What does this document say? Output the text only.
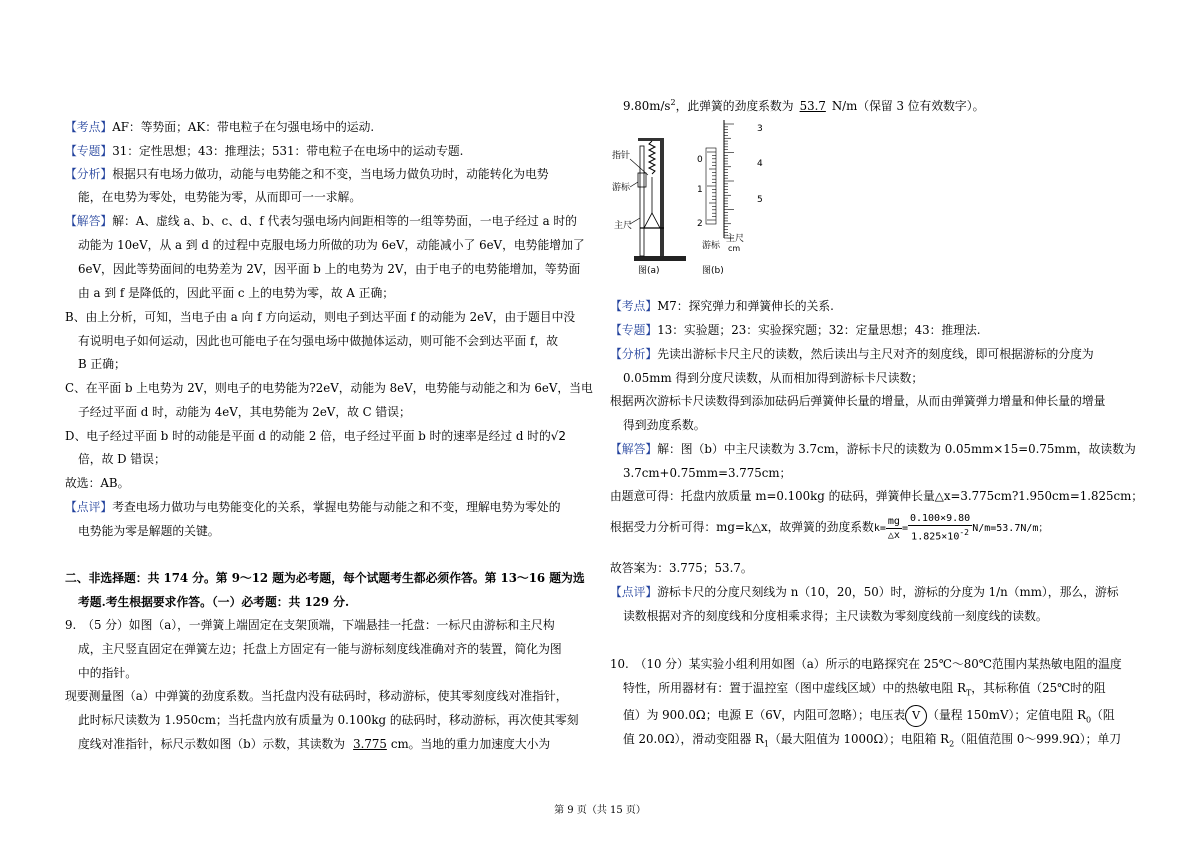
【考点】AF：等势面；AK：带电粒子在匀强电场中的运动.
【专题】31：定性思想；43：推理法；531：带电粒子在电场中的运动专题.
【分析】根据只有电场力做功，动能与电势能之和不变，当电场力做负功时，动能转化为电势
能，在电势为零处，电势能为零，从而即可一一求解。
【解答】解：A、虚线 a、b、c、d、f 代表匀强电场内间距相等的一组等势面，一电子经过 a 时的
动能为 10eV，从 a 到 d 的过程中克服电场力所做的功为 6eV，动能减小了 6eV，电势能增加了
6eV，因此等势面间的电势差为 2V，因平面 b 上的电势为 2V，由于电子的电势能增加，等势面
由 a 到 f 是降低的，因此平面 c 上的电势为零，故 A 正确；
B、由上分析，可知，当电子由 a 向 f 方向运动，则电子到达平面 f 的动能为 2eV，由于题目中没
有说明电子如何运动，因此也可能电子在匀强电场中做抛体运动，则可能不会到达平面 f，故
B 正确；
C、在平面 b 上电势为 2V，则电子的电势能为?2eV，动能为 8eV，电势能与动能之和为 6eV，当电
子经过平面 d 时，动能为 4eV，其电势能为 2eV，故 C 错误；
D、电子经过平面 b 时的动能是平面 d 的动能 2 倍，电子经过平面 b 时的速率是经过 d 时的√2
倍，故 D 错误；
故选：AB。
【点评】考查电场力做功与电势能变化的关系，掌握电势能与动能之和不变，理解电势为零处的
电势能为零是解题的关键。
二、非选择题：共 174 分。第 9～12 题为必考题，每个试题考生都必须作答。第 13～16 题为选
考题.考生根据要求作答。（一）必考题：共 129 分.
9.　（5 分）如图（a），一弹簧上端固定在支架顶端，下端悬挂一托盘：一标尺由游标和主尺构
成，主尺竖直固定在弹簧左边；托盘上方固定有一能与游标刻度线准确对齐的装置，简化为图
中的指针。
现要测量图（a）中弹簧的劲度系数。当托盘内没有砝码时，移动游标，使其零刻度线对准指针，
此时标尺读数为 1.950cm；当托盘内放有质量为 0.100kg 的砝码时，移动游标，再次使其零刻
度线对准指针，标尺示数如图（b）示数，其读数为 3.775 cm。当地的重力加速度大小为
$9.80m/s^2$，此弹簧的劲度系数为 53.7 N/m（保留 3 位有效数字）。
【考点】M7：探究弹力和弹簧伸长的关系.
【专题】13：实验题；23：实验探究题；32：定量思想；43：推理法.
【分析】先读出游标卡尺主尺的读数，然后读出与主尺对齐的刻度线，即可根据游标的分度为
0.05mm 得到分度尺读数，从而相加得到游标卡尺读数；
根据两次游标卡尺读数得到添加砝码后弹簧伸长量的增量，从而由弹簧弹力增量和伸长量的增量
得到劲度系数。
【解答】解：图（b）中主尺读数为 3.7cm，游标卡尺的读数为 0.05mm×15=0.75mm，故读数为
3.7cm+0.75mm=3.775cm；
由题意可得：托盘内放质量 m=0.100kg 的砝码，弹簧伸长量△x=3.775cm?1.950cm=1.825cm；
根据受力分析可得：mg=k△x，故弹簧的劲度系数$k= \frac{mg}{\triangle x} = \frac{0.100\times 9.80}{1.825\times 10^{-2}} N/m=53.7N/m$；
故答案为：3.775；53.7。
【点评】游标卡尺的分度尺刻线为 n（10，20，50）时，游标的分度为 1/n（mm），那么，游标
读数根据对齐的刻度线和分度相乘求得；主尺读数为零刻度线前一刻度线的读数。
10.　（10 分）某实验小组利用如图（a）所示的电路探究在 25℃～80℃范围内某热敏电阻的温度
特性，所用器材有：置于温控室（图中虚线区域）中的热敏电阻 $R_T$，其标称值（25℃时的阻
值）为 900.0Ω；电源 E（6V，内阻可忽略）；电压表 V （量程 150mV）；定值电阻 $R_0$（阻
值 20.0Ω），滑动变阻器 $R_1$（最大阻值为 1000Ω）；电阻箱 $R_2$（阻值范围 0～999.9Ω）；单刀
指针
游标
主尺
图(a)
3
4
5
0
1
2
游标
主尺
cm
图(b)
第 9 页（共 15 页）
